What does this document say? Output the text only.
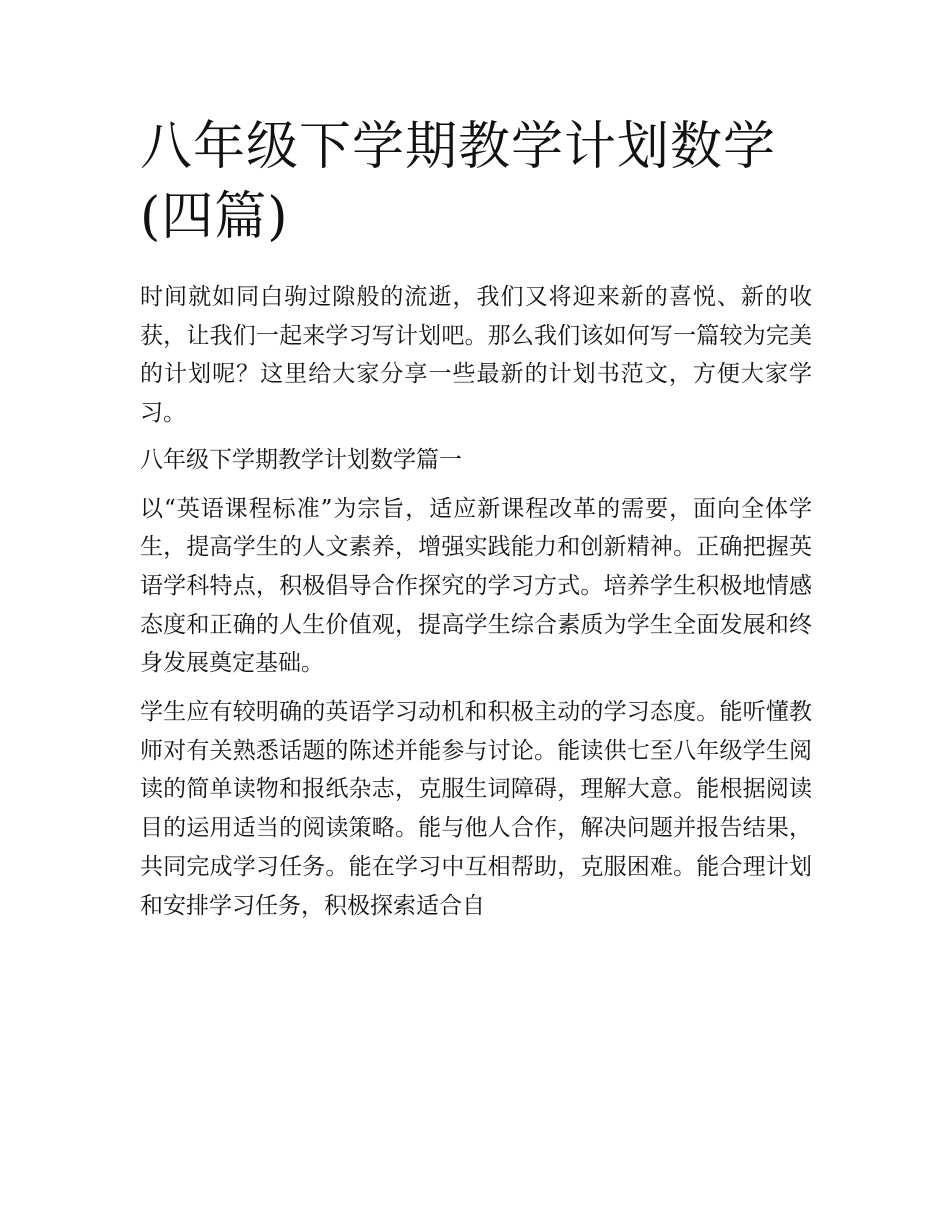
八年级下学期教学计划数学(四篇)

时间就如同白驹过隙般的流逝，我们又将迎来新的喜悦、新的收获，让我们一起来学习写计划吧。那么我们该如何写一篇较为完美的计划呢？这里给大家分享一些最新的计划书范文，方便大家学习。

八年级下学期教学计划数学篇一

以“英语课程标准”为宗旨，适应新课程改革的需要，面向全体学生，提高学生的人文素养，增强实践能力和创新精神。正确把握英语学科特点，积极倡导合作探究的学习方式。培养学生积极地情感态度和正确的人生价值观，提高学生综合素质为学生全面发展和终身发展奠定基础。

学生应有较明确的英语学习动机和积极主动的学习态度。能听懂教师对有关熟悉话题的陈述并能参与讨论。能读供七至八年级学生阅读的简单读物和报纸杂志，克服生词障碍，理解大意。能根据阅读目的运用适当的阅读策略。能与他人合作，解决问题并报告结果，共同完成学习任务。能在学习中互相帮助，克服困难。能合理计划和安排学习任务，积极探索适合自
